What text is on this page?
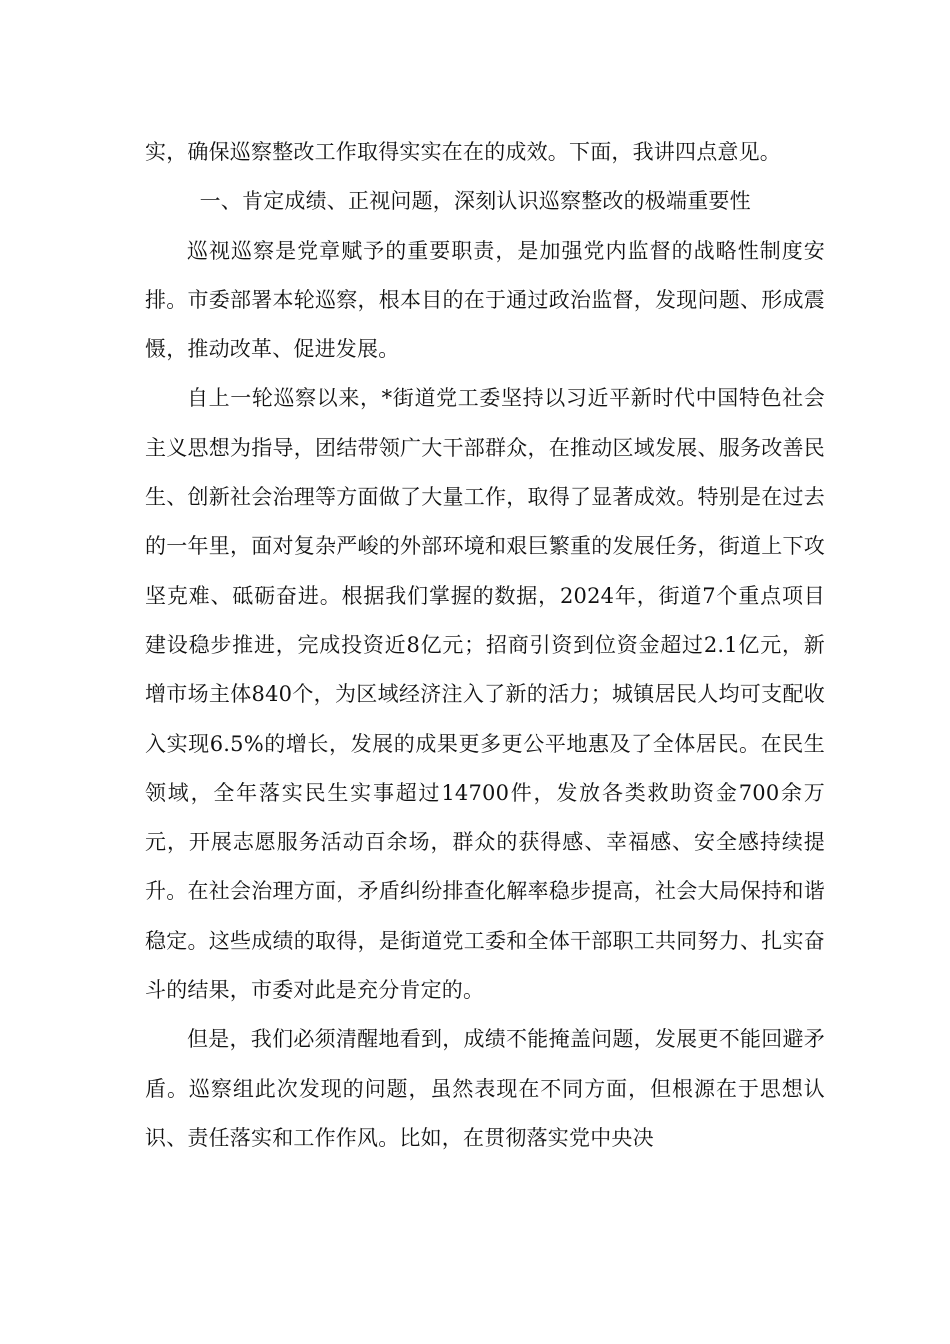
实，确保巡察整改工作取得实实在在的成效。下面，我讲四点意见。

一、肯定成绩、正视问题，深刻认识巡察整改的极端重要性

巡视巡察是党章赋予的重要职责，是加强党内监督的战略性制度安排。市委部署本轮巡察，根本目的在于通过政治监督，发现问题、形成震慑，推动改革、促进发展。

自上一轮巡察以来，*街道党工委坚持以习近平新时代中国特色社会主义思想为指导，团结带领广大干部群众，在推动区域发展、服务改善民生、创新社会治理等方面做了大量工作，取得了显著成效。特别是在过去的一年里，面对复杂严峻的外部环境和艰巨繁重的发展任务，街道上下攻坚克难、砥砺奋进。根据我们掌握的数据，2024年，街道7个重点项目建设稳步推进，完成投资近8亿元；招商引资到位资金超过2.1亿元，新增市场主体840个，为区域经济注入了新的活力；城镇居民人均可支配收入实现6.5%的增长，发展的成果更多更公平地惠及了全体居民。在民生领域，全年落实民生实事超过14700件，发放各类救助资金700余万元，开展志愿服务活动百余场，群众的获得感、幸福感、安全感持续提升。在社会治理方面，矛盾纠纷排查化解率稳步提高，社会大局保持和谐稳定。这些成绩的取得，是街道党工委和全体干部职工共同努力、扎实奋斗的结果，市委对此是充分肯定的。

但是，我们必须清醒地看到，成绩不能掩盖问题，发展更不能回避矛盾。巡察组此次发现的问题，虽然表现在不同方面，但根源在于思想认识、责任落实和工作作风。比如，在贯彻落实党中央决
